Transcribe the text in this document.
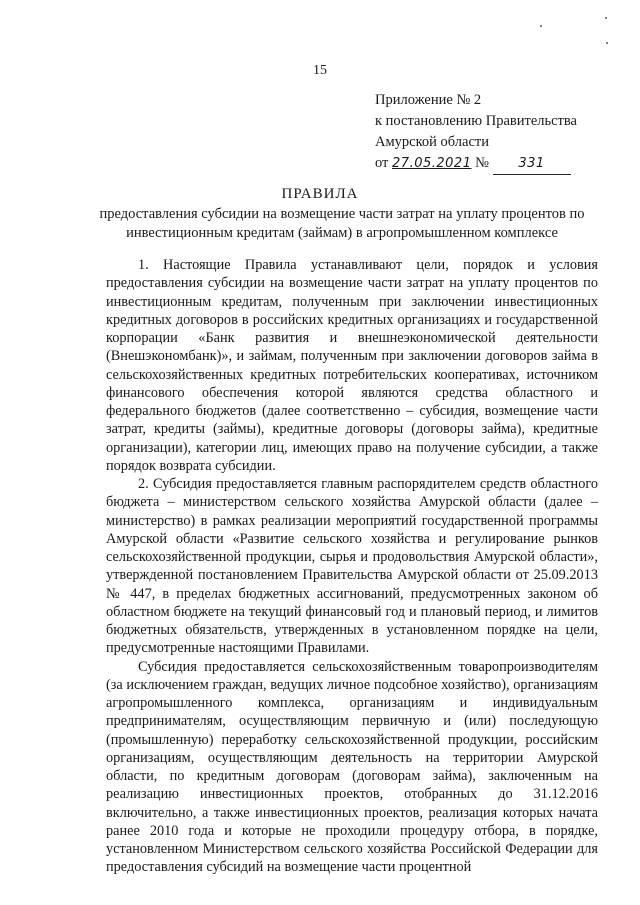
15
Приложение № 2
к постановлению Правительства
Амурской области
от 27.05.2021 № 331
ПРАВИЛА
предоставления субсидии на возмещение части затрат на уплату процентов по инвестиционным кредитам (займам) в агропромышленном комплексе

1. Настоящие Правила устанавливают цели, порядок и условия предоставления субсидии на возмещение части затрат на уплату процентов по инвестиционным кредитам, полученным при заключении инвестиционных кредитных договоров в российских кредитных организациях и государственной корпорации «Банк развития и внешнеэкономической деятельности (Внешэкономбанк)», и займам, полученным при заключении договоров займа в сельскохозяйственных кредитных потребительских кооперативах, источником финансового обеспечения которой являются средства областного и федерального бюджетов (далее соответственно – субсидия, возмещение части затрат, кредиты (займы), кредитные договоры (договоры займа), кредитные организации), категории лиц, имеющих право на получение субсидии, а также порядок возврата субсидии.

2. Субсидия предоставляется главным распорядителем средств областного бюджета – министерством сельского хозяйства Амурской области (далее – министерство) в рамках реализации мероприятий государственной программы Амурской области «Развитие сельского хозяйства и регулирование рынков сельскохозяйственной продукции, сырья и продовольствия Амурской области», утвержденной постановлением Правительства Амурской области от 25.09.2013 № 447, в пределах бюджетных ассигнований, предусмотренных законом об областном бюджете на текущий финансовый год и плановый период, и лимитов бюджетных обязательств, утвержденных в установленном порядке на цели, предусмотренные настоящими Правилами.

Субсидия предоставляется сельскохозяйственным товаропроизводителям (за исключением граждан, ведущих личное подсобное хозяйство), организациям агропромышленного комплекса, организациям и индивидуальным предпринимателям, осуществляющим первичную и (или) последующую (промышленную) переработку сельскохозяйственной продукции, российским организациям, осуществляющим деятельность на территории Амурской области, по кредитным договорам (договорам займа), заключенным на реализацию инвестиционных проектов, отобранных до 31.12.2016 включительно, а также инвестиционных проектов, реализация которых начата ранее 2010 года и которые не проходили процедуру отбора, в порядке, установленном Министерством сельского хозяйства Российской Федерации для предоставления субсидий на возмещение части процентной
